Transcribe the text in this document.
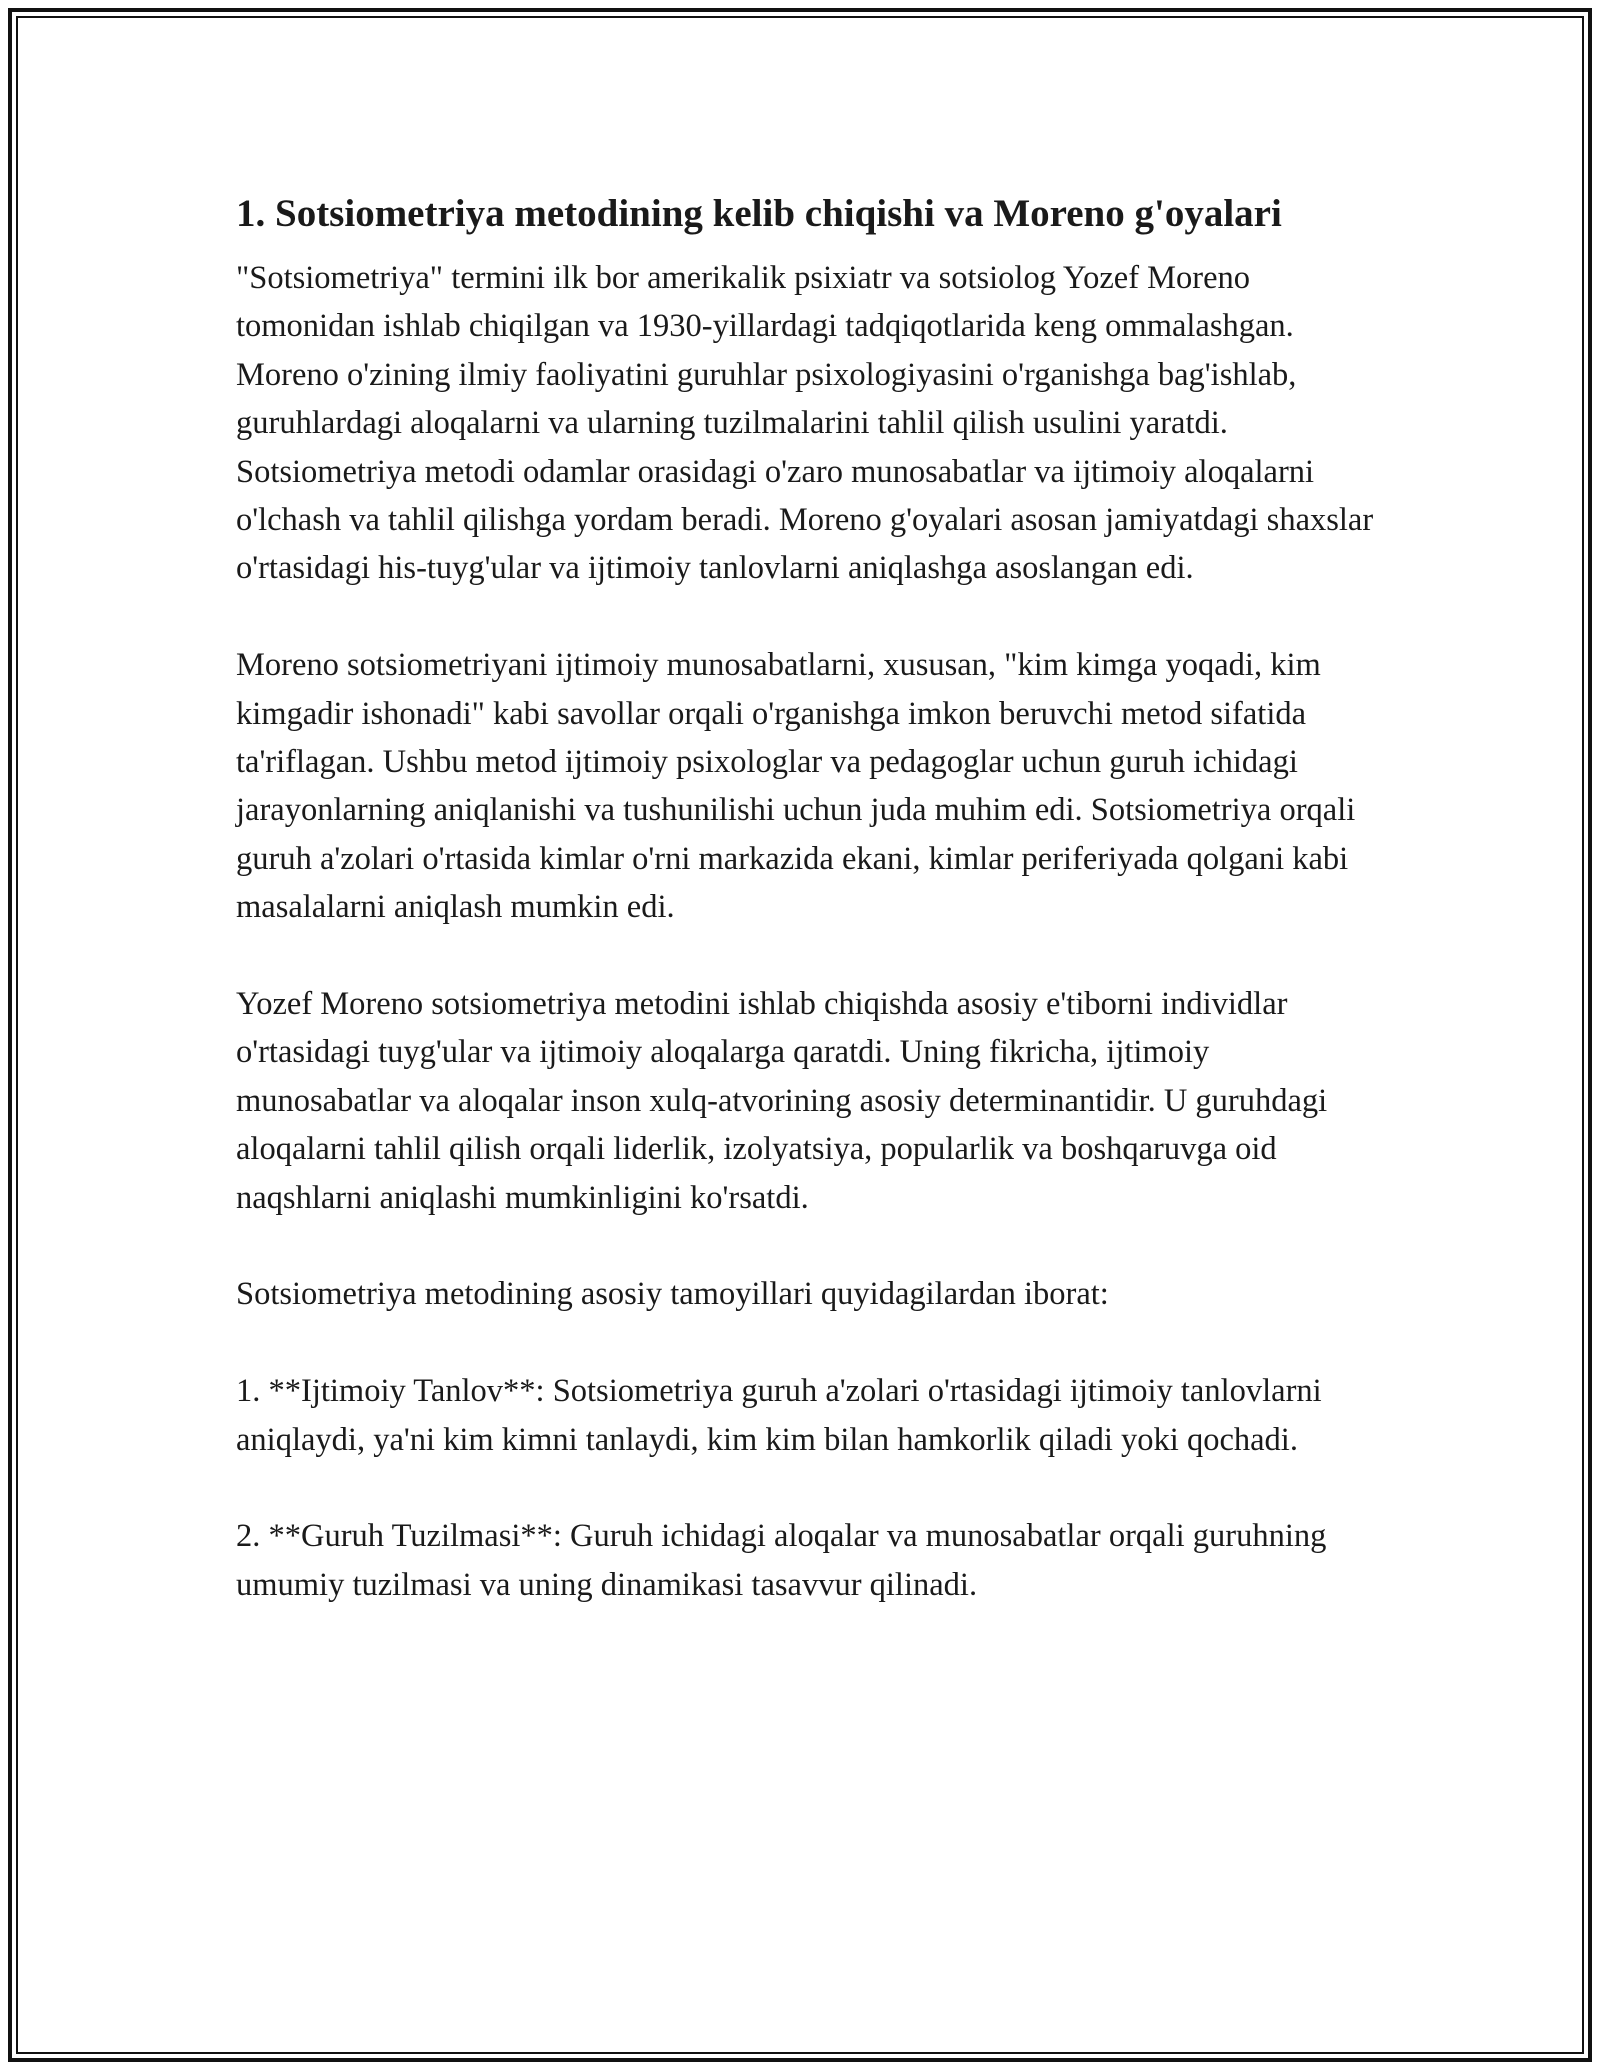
1. Sotsiometriya metodining kelib chiqishi va Moreno g'oyalari

"Sotsiometriya" termini ilk bor amerikalik psixiatr va sotsiolog Yozef Moreno tomonidan ishlab chiqilgan va 1930-yillardagi tadqiqotlarida keng ommalashgan. Moreno o'zining ilmiy faoliyatini guruhlar psixologiyasini o'rganishga bag'ishlab, guruhlardagi aloqalarni va ularning tuzilmalarini tahlil qilish usulini yaratdi. Sotsiometriya metodi odamlar orasidagi o'zaro munosabatlar va ijtimoiy aloqalarni o'lchash va tahlil qilishga yordam beradi. Moreno g'oyalari asosan jamiyatdagi shaxslar o'rtasidagi his-tuyg'ular va ijtimoiy tanlovlarni aniqlashga asoslangan edi.

Moreno sotsiometriyani ijtimoiy munosabatlarni, xususan, "kim kimga yoqadi, kim kimgadir ishonadi" kabi savollar orqali o'rganishga imkon beruvchi metod sifatida ta'riflagan. Ushbu metod ijtimoiy psixologlar va pedagoglar uchun guruh ichidagi jarayonlarning aniqlanishi va tushunilishi uchun juda muhim edi. Sotsiometriya orqali guruh a'zolari o'rtasida kimlar o'rni markazida ekani, kimlar periferiyada qolgani kabi masalalarni aniqlash mumkin edi.

Yozef Moreno sotsiometriya metodini ishlab chiqishda asosiy e'tiborni individlar o'rtasidagi tuyg'ular va ijtimoiy aloqalarga qaratdi. Uning fikricha, ijtimoiy munosabatlar va aloqalar inson xulq-atvorining asosiy determinantidir. U guruhdagi aloqalarni tahlil qilish orqali liderlik, izolyatsiya, popularlik va boshqaruvga oid naqshlarni aniqlashi mumkinligini ko'rsatdi.

Sotsiometriya metodining asosiy tamoyillari quyidagilardan iborat:

1. **Ijtimoiy Tanlov**: Sotsiometriya guruh a'zolari o'rtasidagi ijtimoiy tanlovlarni aniqlaydi, ya'ni kim kimni tanlaydi, kim kim bilan hamkorlik qiladi yoki qochadi.

2. **Guruh Tuzilmasi**: Guruh ichidagi aloqalar va munosabatlar orqali guruhning umumiy tuzilmasi va uning dinamikasi tasavvur qilinadi.
